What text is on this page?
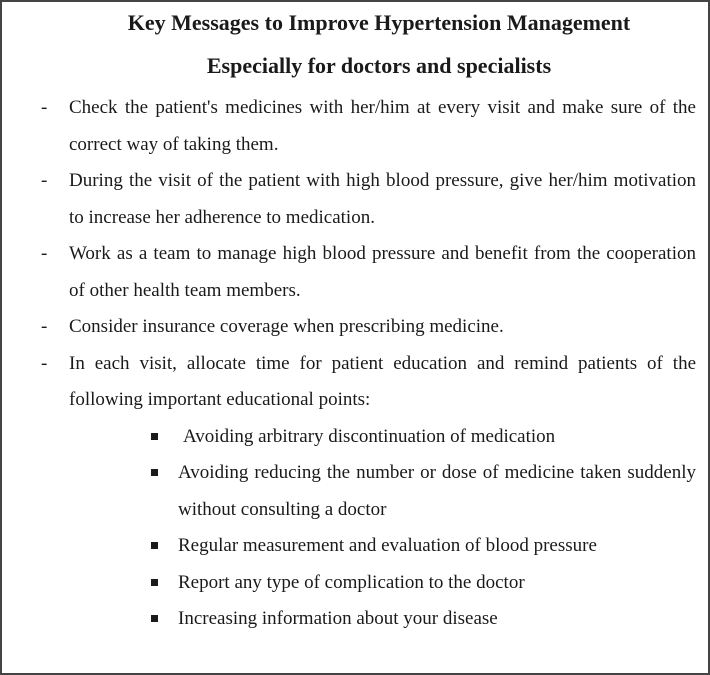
Key Messages to Improve Hypertension Management
Especially for doctors and specialists
- Check the patient's medicines with her/him at every visit and make sure of the correct way of taking them.
- During the visit of the patient with high blood pressure, give her/him motivation to increase her adherence to medication.
- Work as a team to manage high blood pressure and benefit from the cooperation of other health team members.
- Consider insurance coverage when prescribing medicine.
- In each visit, allocate time for patient education and remind patients of the following important educational points:
Avoiding arbitrary discontinuation of medication
Avoiding reducing the number or dose of medicine taken suddenly without consulting a doctor
Regular measurement and evaluation of blood pressure
Report any type of complication to the doctor
Increasing information about your disease
